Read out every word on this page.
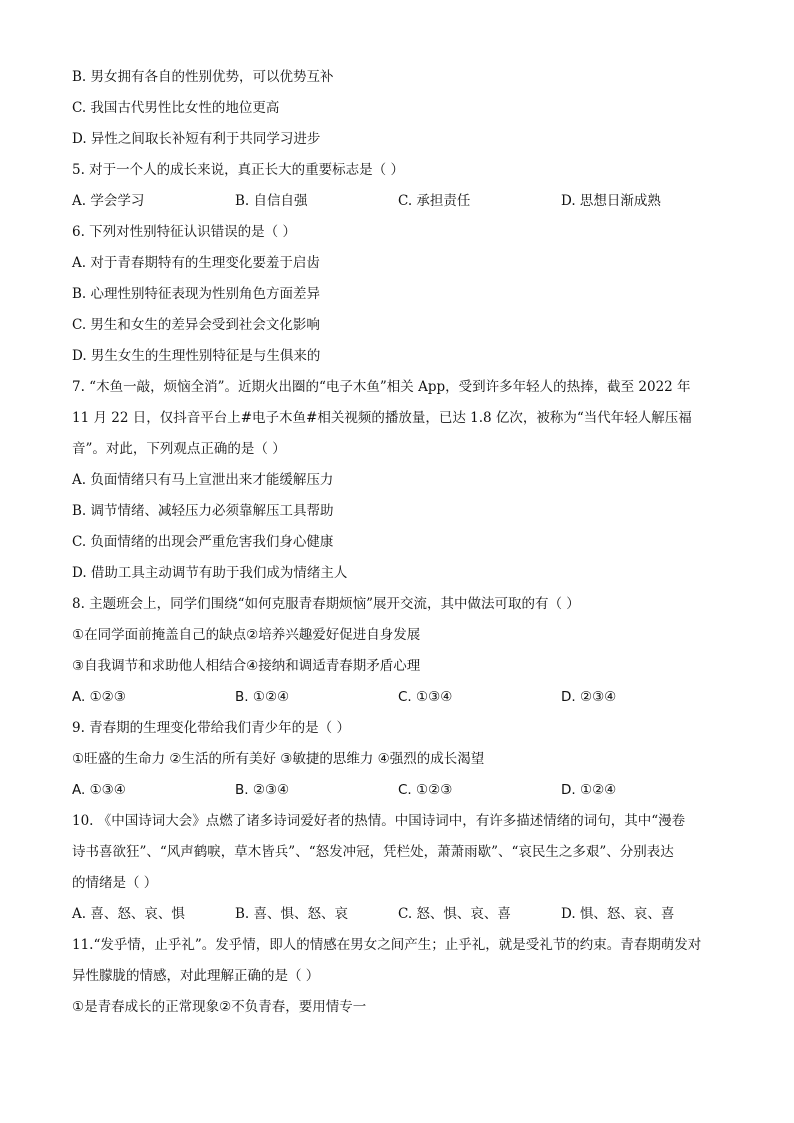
B. 男女拥有各自的性别优势，可以优势互补
C. 我国古代男性比女性的地位更高
D. 异性之间取长补短有利于共同学习进步
5. 对于一个人的成长来说，真正长大的重要标志是（ ）
A. 学会学习	B. 自信自强	C. 承担责任	D. 思想日渐成熟
6. 下列对性别特征认识错误的是（ ）
A. 对于青春期特有的生理变化要羞于启齿
B. 心理性别特征表现为性别角色方面差异
C. 男生和女生的差异会受到社会文化影响
D. 男生女生的生理性别特征是与生俱来的
7. “木鱼一敲，烦恼全消”。近期火出圈的“电子木鱼”相关 App，受到许多年轻人的热捧，截至 2022 年
11 月 22 日，仅抖音平台上#电子木鱼#相关视频的播放量，已达 1.8 亿次，被称为“当代年轻人解压福
音”。对此，下列观点正确的是（ ）
A. 负面情绪只有马上宣泄出来才能缓解压力
B. 调节情绪、减轻压力必须靠解压工具帮助
C. 负面情绪的出现会严重危害我们身心健康
D. 借助工具主动调节有助于我们成为情绪主人
8. 主题班会上，同学们围绕“如何克服青春期烦恼”展开交流，其中做法可取的有（ ）
①在同学面前掩盖自己的缺点②培养兴趣爱好促进自身发展
③自我调节和求助他人相结合④接纳和调适青春期矛盾心理
A. ①②③	B. ①②④	C. ①③④	D. ②③④
9. 青春期的生理变化带给我们青少年的是（ ）
①旺盛的生命力 ②生活的所有美好 ③敏捷的思维力 ④强烈的成长渴望
A. ①③④	B. ②③④	C. ①②③	D. ①②④
10. 《中国诗词大会》点燃了诸多诗词爱好者的热情。中国诗词中，有许多描述情绪的词句，其中“漫卷
诗书喜欲狂”、“风声鹤唳，草木皆兵”、“怒发冲冠，凭栏处，萧萧雨歇”、“哀民生之多艰”、分别表达
的情绪是（ ）
A. 喜、怒、哀、惧	B. 喜、惧、怒、哀	C. 怒、惧、哀、喜	D. 惧、怒、哀、喜
11.“发乎情，止乎礼”。发乎情，即人的情感在男女之间产生；止乎礼，就是受礼节的约束。青春期萌发对
异性朦胧的情感，对此理解正确的是（ ）
①是青春成长的正常现象②不负青春，要用情专一
